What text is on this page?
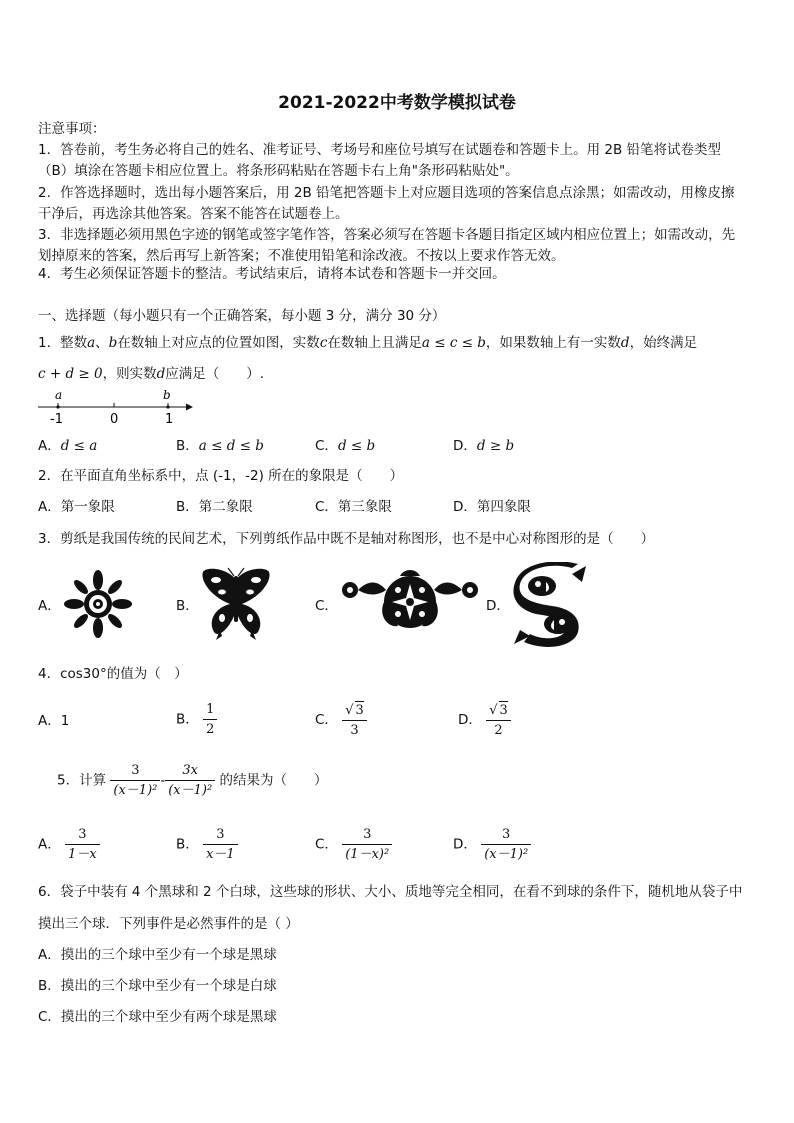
2021-2022中考数学模拟试卷
注意事项：
1．答卷前，考生务必将自己的姓名、准考证号、考场号和座位号填写在试题卷和答题卡上。用 2B 铅笔将试卷类型
（B）填涂在答题卡相应位置上。将条形码粘贴在答题卡右上角"条形码粘贴处"。
2．作答选择题时，选出每小题答案后，用 2B 铅笔把答题卡上对应题目选项的答案信息点涂黑；如需改动，用橡皮擦
干净后，再选涂其他答案。答案不能答在试题卷上。
3．非选择题必须用黑色字迹的钢笔或签字笔作答，答案必须写在答题卡各题目指定区域内相应位置上；如需改动，先
划掉原来的答案，然后再写上新答案；不准使用铅笔和涂改液。不按以上要求作答无效。
4．考生必须保证答题卡的整洁。考试结束后，请将本试卷和答题卡一并交回。
一、选择题（每小题只有一个正确答案，每小题 3 分，满分 30 分）
1．整数a、b在数轴上对应点的位置如图，实数c在数轴上且满足a ≤ c ≤ b，如果数轴上有一实数d，始终满足
c + d ≥ 0，则实数d应满足（　　）.
a	b
-1	0	1
A．d ≤ a	B．a ≤ d ≤ b	C．d ≤ b	D．d ≥ b
2．在平面直角坐标系中，点 (-1，-2) 所在的象限是（　　）
A．第一象限	B．第二象限	C．第三象限	D．第四象限
3．剪纸是我国传统的民间艺术，下列剪纸作品中既不是轴对称图形，也不是中心对称图形的是（　　）
A．	B．	C．	D．
4．cos30°的值为（　）
A．1	B． $\frac{1}{2}$	C． $\frac{√ 3}{3}$	D． $\frac{√ 3}{2}$
5．计算 $\frac{3}{\text{(x－1)²}} - \frac{3x}{\text{(x－1)²}}$ 的结果为（　　）
A． $\frac{3}{1-x}$	B． $\frac{3}{x-1}$	C． $\frac{3}{\text{(1－x)²}}$	D． $\frac{3}{\text{(x－1)²}}$
6．袋子中装有 4 个黑球和 2 个白球，这些球的形状、大小、质地等完全相同，在看不到球的条件下，随机地从袋子中
摸出三个球．下列事件是必然事件的是（ ）
A．摸出的三个球中至少有一个球是黑球
B．摸出的三个球中至少有一个球是白球
C．摸出的三个球中至少有两个球是黑球
